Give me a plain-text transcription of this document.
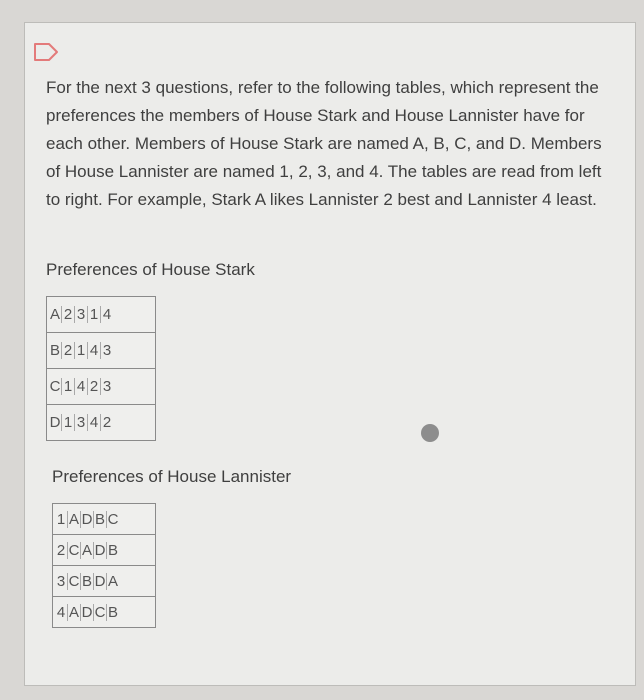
For the next 3 questions, refer to the following tables, which represent the preferences the members of House Stark and House Lannister have for each other. Members of House Stark are named A, B, C, and D. Members of House Lannister are named 1, 2, 3, and 4. The tables are read from left to right. For example, Stark A likes Lannister 2 best and Lannister 4 least.

Preferences of House Stark
A 2 3 1 4
B 2 1 4 3
C 1 4 2 3
D 1 3 4 2
Preferences of House Lannister
1 A D B C
2 C A D B
3 C B D A
4 A D C B
